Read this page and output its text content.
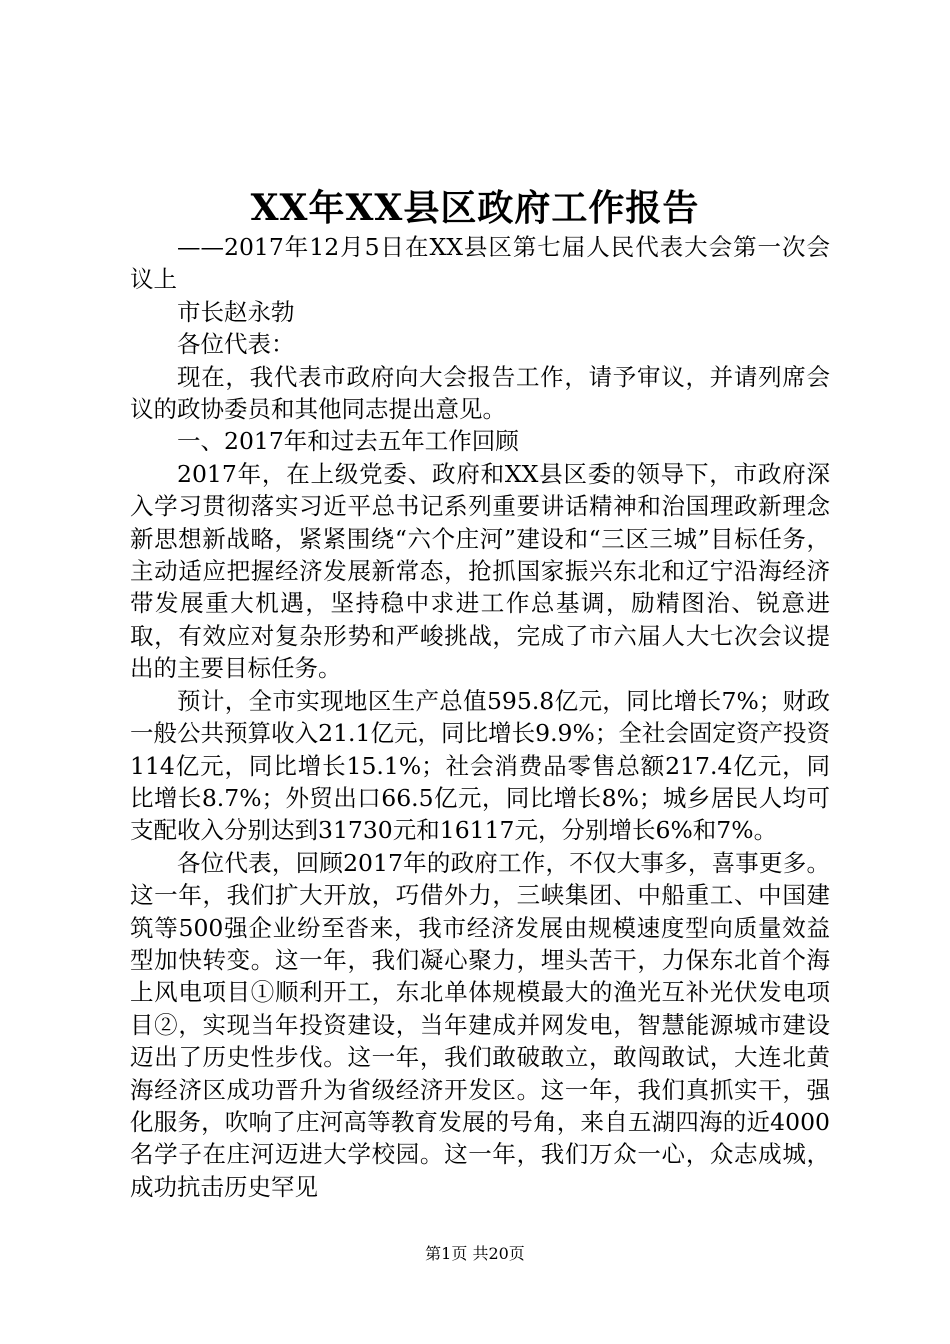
XX年XX县区政府工作报告

——2017年12月5日在XX县区第七届人民代表大会第一次会议上

市长赵永勃

各位代表：

现在，我代表市政府向大会报告工作，请予审议，并请列席会议的政协委员和其他同志提出意见。

一、2017年和过去五年工作回顾

2017年，在上级党委、政府和XX县区委的领导下，市政府深入学习贯彻落实习近平总书记系列重要讲话精神和治国理政新理念新思想新战略，紧紧围绕“六个庄河”建设和“三区三城”目标任务，主动适应把握经济发展新常态，抢抓国家振兴东北和辽宁沿海经济带发展重大机遇，坚持稳中求进工作总基调，励精图治、锐意进取，有效应对复杂形势和严峻挑战，完成了市六届人大七次会议提出的主要目标任务。

预计，全市实现地区生产总值595.8亿元，同比增长7%；财政一般公共预算收入21.1亿元，同比增长9.9%；全社会固定资产投资114亿元，同比增长15.1%；社会消费品零售总额217.4亿元，同比增长8.7%；外贸出口66.5亿元，同比增长8%；城乡居民人均可支配收入分别达到31730元和16117元，分别增长6%和7%。

各位代表，回顾2017年的政府工作，不仅大事多，喜事更多。这一年，我们扩大开放，巧借外力，三峡集团、中船重工、中国建筑等500强企业纷至沓来，我市经济发展由规模速度型向质量效益型加快转变。这一年，我们凝心聚力，埋头苦干，力保东北首个海上风电项目①顺利开工，东北单体规模最大的渔光互补光伏发电项目②，实现当年投资建设，当年建成并网发电，智慧能源城市建设迈出了历史性步伐。这一年，我们敢破敢立，敢闯敢试，大连北黄海经济区成功晋升为省级经济开发区。这一年，我们真抓实干，强化服务，吹响了庄河高等教育发展的号角，来自五湖四海的近4000名学子在庄河迈进大学校园。这一年，我们万众一心，众志成城，成功抗击历史罕见

第1页 共20页
